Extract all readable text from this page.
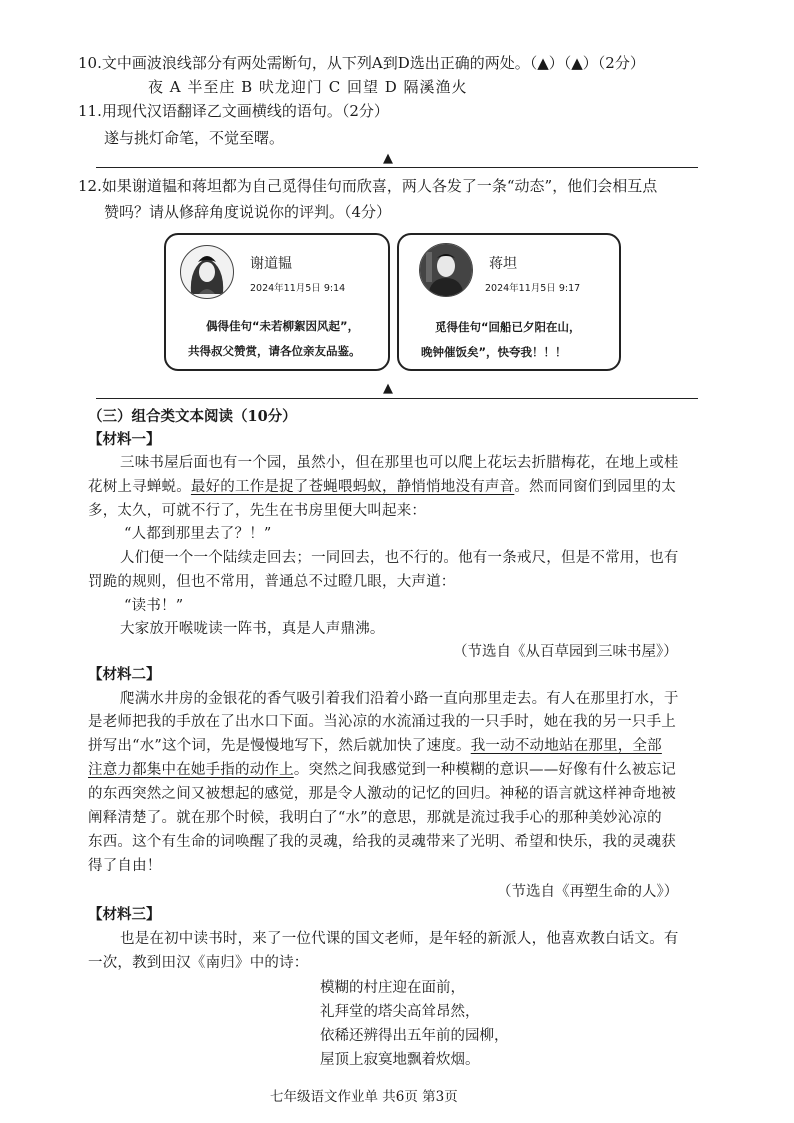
10.文中画波浪线部分有两处需断句，从下列A到D选出正确的两处。（▲）（▲）（2分）
夜 A 半至庄 B 吠龙迎门 C 回望 D 隔溪渔火
11.用现代汉语翻译乙文画横线的语句。（2分）
遂与挑灯命笔，不觉至曙。
▲
12.如果谢道韫和蒋坦都为自己觅得佳句而欣喜，两人各发了一条“动态”，他们会相互点
赞吗？请从修辞角度说说你的评判。（4分）
谢道韫
2024年11月5日 9:14
偶得佳句“未若柳絮因风起”，
共得叔父赞赏，请各位亲友品鉴。
蒋坦
2024年11月5日 9:17
觅得佳句“回船已夕阳在山，
晚钟催饭矣”，快夸我！！！
▲
（三）组合类文本阅读（10分）
【材料一】
三味书屋后面也有一个园，虽然小，但在那里也可以爬上花坛去折腊梅花，在地上或桂
花树上寻蝉蜕。最好的工作是捉了苍蝇喂蚂蚁，静悄悄地没有声音。然而同窗们到园里的太
多，太久，可就不行了，先生在书房里便大叫起来：
“人都到那里去了？！”
人们便一个一个陆续走回去；一同回去，也不行的。他有一条戒尺，但是不常用，也有
罚跪的规则，但也不常用，普通总不过瞪几眼，大声道：
“读书！”
大家放开喉咙读一阵书，真是人声鼎沸。
（节选自《从百草园到三味书屋》）
【材料二】
爬满水井房的金银花的香气吸引着我们沿着小路一直向那里走去。有人在那里打水，于
是老师把我的手放在了出水口下面。当沁凉的水流涌过我的一只手时，她在我的另一只手上
拼写出“水”这个词，先是慢慢地写下，然后就加快了速度。我一动不动地站在那里，全部
注意力都集中在她手指的动作上。突然之间我感觉到一种模糊的意识——好像有什么被忘记
的东西突然之间又被想起的感觉，那是令人激动的记忆的回归。神秘的语言就这样神奇地被
阐释清楚了。就在那个时候，我明白了“水”的意思，那就是流过我手心的那种美妙沁凉的
东西。这个有生命的词唤醒了我的灵魂，给我的灵魂带来了光明、希望和快乐，我的灵魂获
得了自由！
（节选自《再塑生命的人》）
【材料三】
也是在初中读书时，来了一位代课的国文老师，是年轻的新派人，他喜欢教白话文。有
一次，教到田汉《南归》中的诗：
模糊的村庄迎在面前，
礼拜堂的塔尖高耸昂然，
依稀还辨得出五年前的园柳，
屋顶上寂寞地飘着炊烟。
七年级语文作业单 共6页 第3页
